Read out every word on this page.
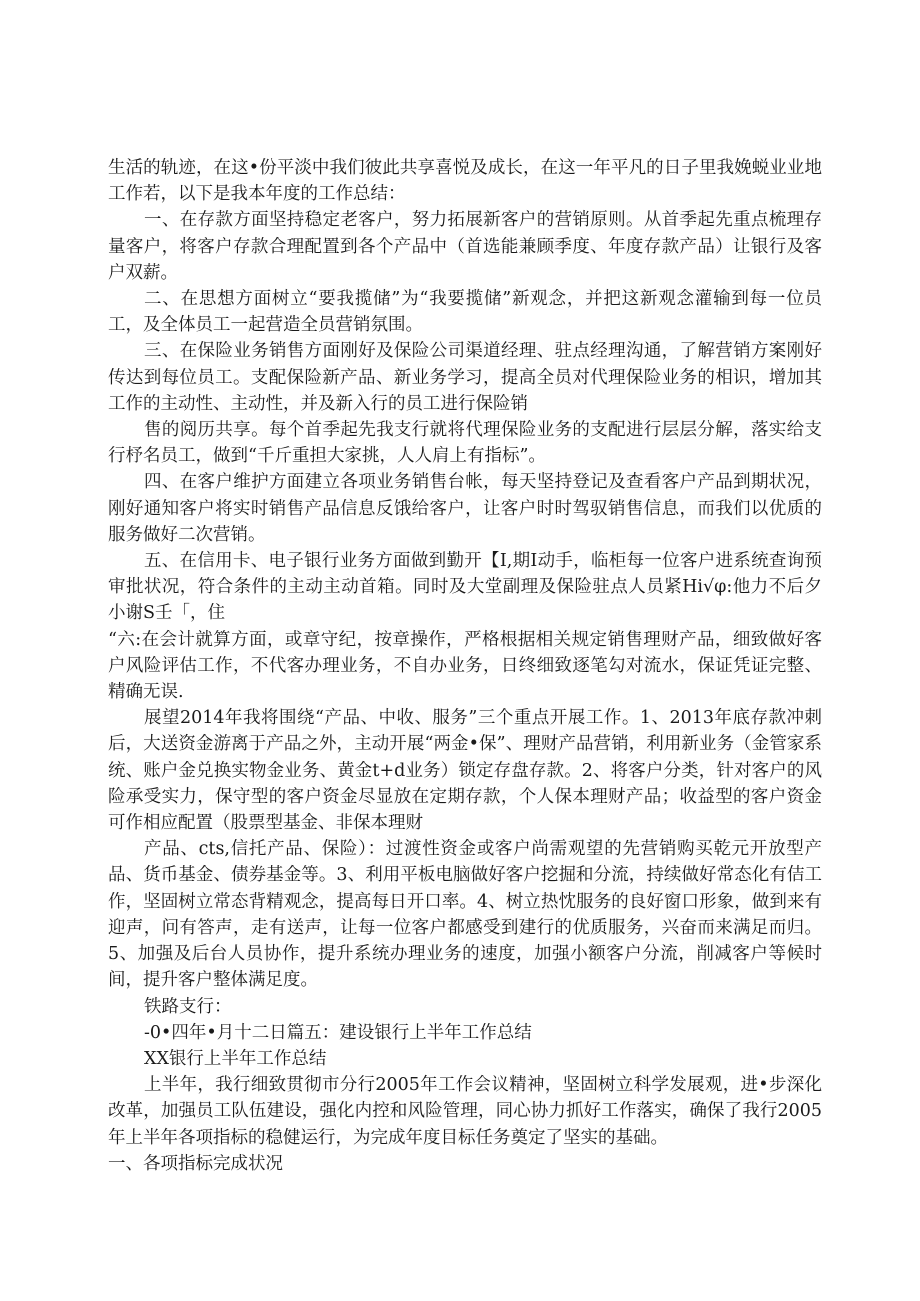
生活的轨迹，在这•份平淡中我们彼此共享喜悦及成长，在这一年平凡的日子里我娩蜕业业地工作若，以下是我本年度的工作总结：

一、在存款方面坚持稳定老客户，努力拓展新客户的营销原则。从首季起先重点梳理存量客户，将客户存款合理配置到各个产品中（首选能兼顾季度、年度存款产品）让银行及客户双薪。

二、在思想方面树立“要我揽储”为“我要揽储”新观念，并把这新观念灌输到每一位员工，及全体员工一起营造全员营销氛围。

三、在保险业务销售方面刚好及保险公司渠道经理、驻点经理沟通，了解营销方案刚好传达到每位员工。支配保险新产品、新业务学习，提高全员对代理保险业务的相识，增加其工作的主动性、主动性，并及新入行的员工进行保险销

售的阅历共享。每个首季起先我支行就将代理保险业务的支配进行层层分解，落实给支行杼名员工，做到“千斤重担大家挑，人人肩上有指标”。

四、在客户维护方面建立各项业务销售台帐，每天坚持登记及查看客户产品到期状况，刚好通知客户将实时销售产品信息反饿给客户，让客户时时驾驭销售信息，而我们以优质的服务做好二次营销。

五、在信用卡、电子银行业务方面做到勤开【I,期I动手，临柜每一位客户进系统查询预审批状况，符合条件的主动主动首箱。同时及大堂副理及保险驻点人员紧Hi√φ:他力不后夕小谢S壬「，住

“六:在会计就算方面，或章守纪，按章操作，严格根据相关规定销售理财产品，细致做好客户风险评估工作，不代客办理业务，不自办业务，日终细致逐笔勾对流水，保证凭证完整、精确无误.

展望2014年我将围绕“产品、中收、服务”三个重点开展工作。1、2013年底存款冲刺后，大送资金游离于产品之外，主动开展“两金•保”、理财产品营销，利用新业务（金管家系统、账户金兑换实物金业务、黄金t+d业务）锁定存盘存款。2、将客户分类，针对客户的风险承受实力，保守型的客户资金尽显放在定期存款，个人保本理财产品；收益型的客户资金可作相应配置（股票型基金、非保本理财

产品、cts,信托产品、保险）：过渡性资金或客户尚需观望的先营销购买乾元开放型产品、货币基金、债券基金等。3、利用平板电脑做好客户挖掘和分流，持续做好常态化有佶工作，坚固树立常态背精观念，提高每日开口率。4、树立热忱服务的良好窗口形象，做到来有迎声，问有答声，走有送声，让每一位客户都感受到建行的优质服务，兴奋而来满足而归。5、加强及后台人员协作，提升系统办理业务的速度，加强小额客户分流，削减客户等候时间，提升客户整体满足度。

铁路支行：

-0•四年•月十二日篇五：建设银行上半年工作总结

XX银行上半年工作总结

上半年，我行细致贯彻市分行2005年工作会议精神，坚固树立科学发展观，进•步深化改革，加强员工队伍建设，强化内控和风险管理，同心协力抓好工作落实，确保了我行2005年上半年各项指标的稳健运行，为完成年度目标任务奠定了坚实的基础。

一、各项指标完成状况
